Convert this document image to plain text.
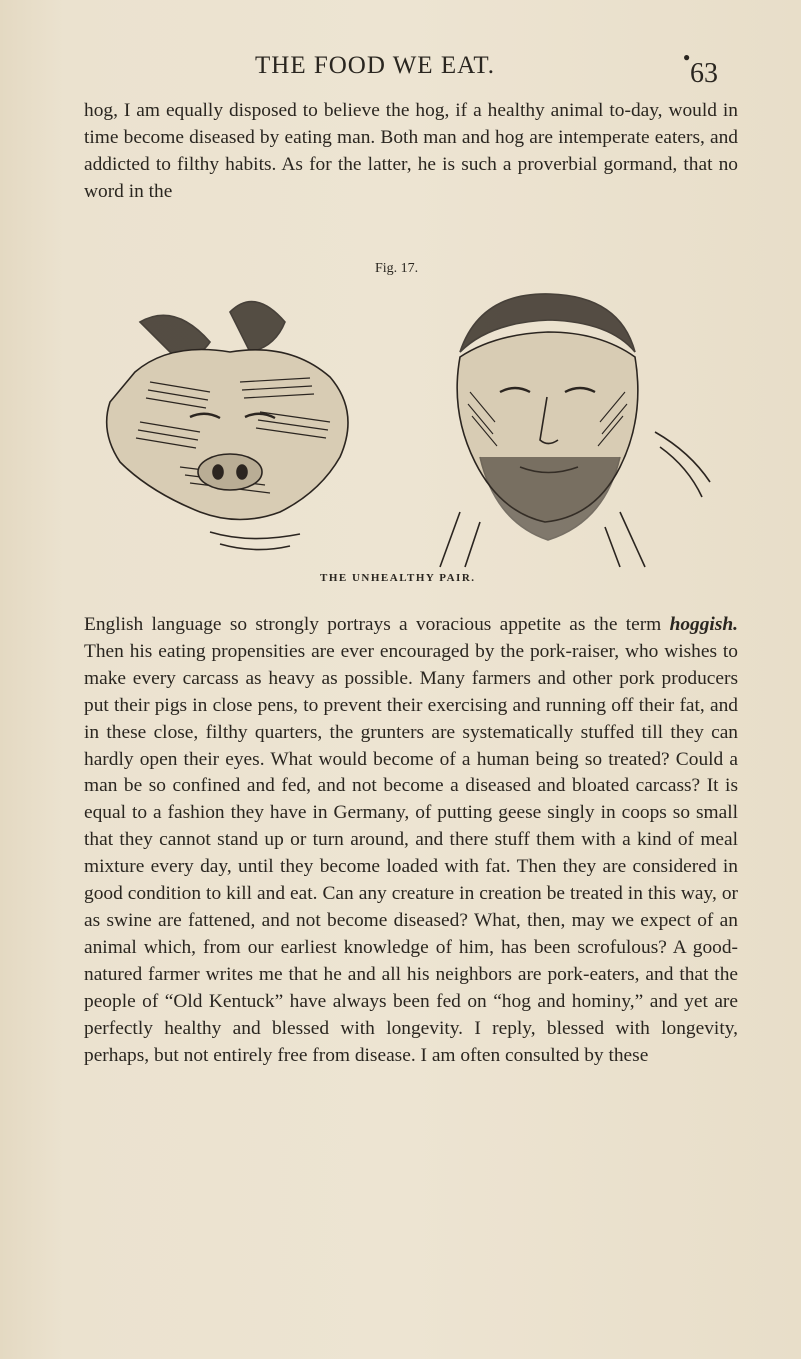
THE FOOD WE EAT.	●
63

hog, I am equally disposed to believe the hog, if a healthy animal to-day, would in time become diseased by eating man. Both man and hog are intemperate eaters, and addicted to filthy habits. As for the latter, he is such a proverbial gormand, that no word in the

Fig. 17.
THE UNHEALTHY PAIR.

English language so strongly portrays a voracious appetite as the term hoggish. Then his eating propensities are ever encouraged by the pork-raiser, who wishes to make every carcass as heavy as possible. Many farmers and other pork producers put their pigs in close pens, to prevent their exercising and running off their fat, and in these close, filthy quarters, the grunters are systematically stuffed till they can hardly open their eyes. What would become of a human being so treated? Could a man be so confined and fed, and not become a diseased and bloated carcass? It is equal to a fashion they have in Germany, of putting geese singly in coops so small that they cannot stand up or turn around, and there stuff them with a kind of meal mixture every day, until they become loaded with fat. Then they are considered in good condition to kill and eat. Can any creature in creation be treated in this way, or as swine are fattened, and not become diseased? What, then, may we expect of an animal which, from our earliest knowledge of him, has been scrofulous? A good-natured farmer writes me that he and all his neighbors are pork-eaters, and that the people of “Old Kentuck” have always been fed on “hog and hominy,” and yet are perfectly healthy and blessed with longevity. I reply, blessed with longevity, perhaps, but not entirely free from disease. I am often consulted by these
